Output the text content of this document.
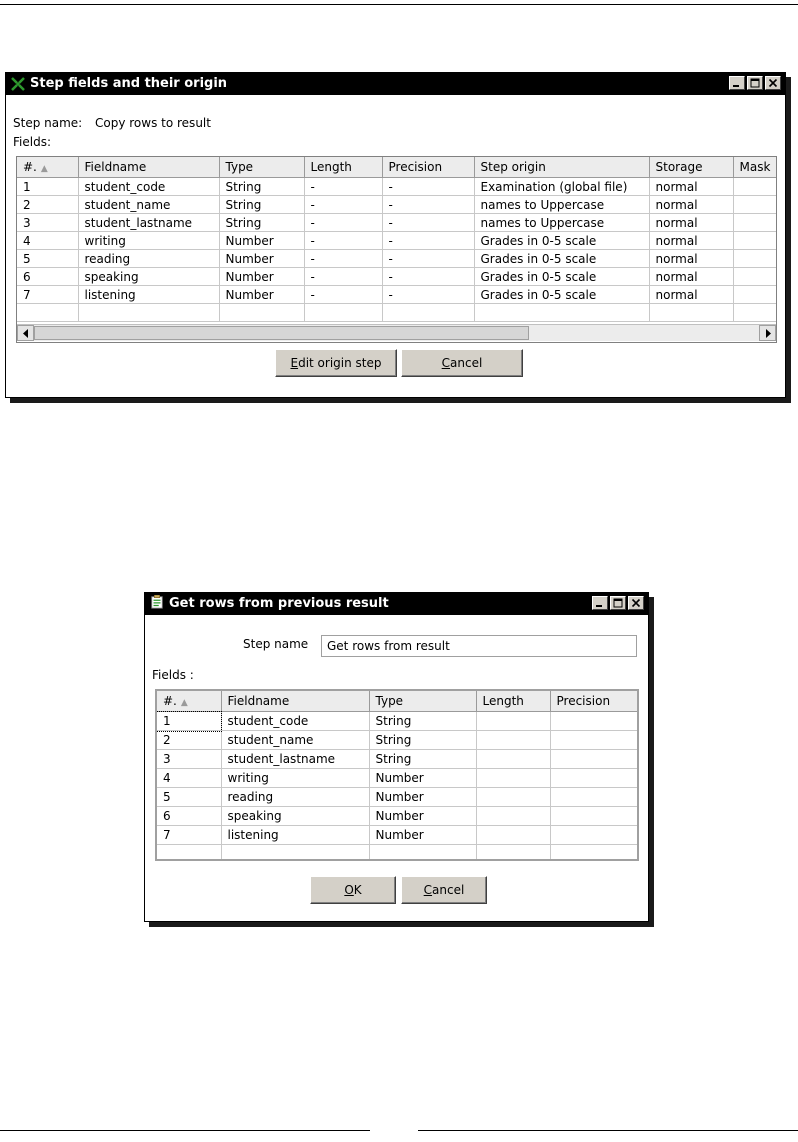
Step fields and their origin
Step name: Copy rows to result
Fields:
#. ▲	Fieldname	Type	Length	Precision	Step origin	Storage	Mask
1	student_code	String	-	-	Examination (global file)	normal	
2	student_name	String	-	-	names to Uppercase	normal	
3	student_lastname	String	-	-	names to Uppercase	normal	
4	writing	Number	-	-	Grades in 0-5 scale	normal	
5	reading	Number	-	-	Grades in 0-5 scale	normal	
6	speaking	Number	-	-	Grades in 0-5 scale	normal	
7	listening	Number	-	-	Grades in 0-5 scale	normal	

Edit origin step	Cancel
Get rows from previous result
Step name	Get rows from result
Fields :
#. ▲	Fieldname	Type	Length	Precision
1	student_code	String		
2	student_name	String		
3	student_lastname	String		
4	writing	Number		
5	reading	Number		
6	speaking	Number		
7	listening	Number		

OK	Cancel
